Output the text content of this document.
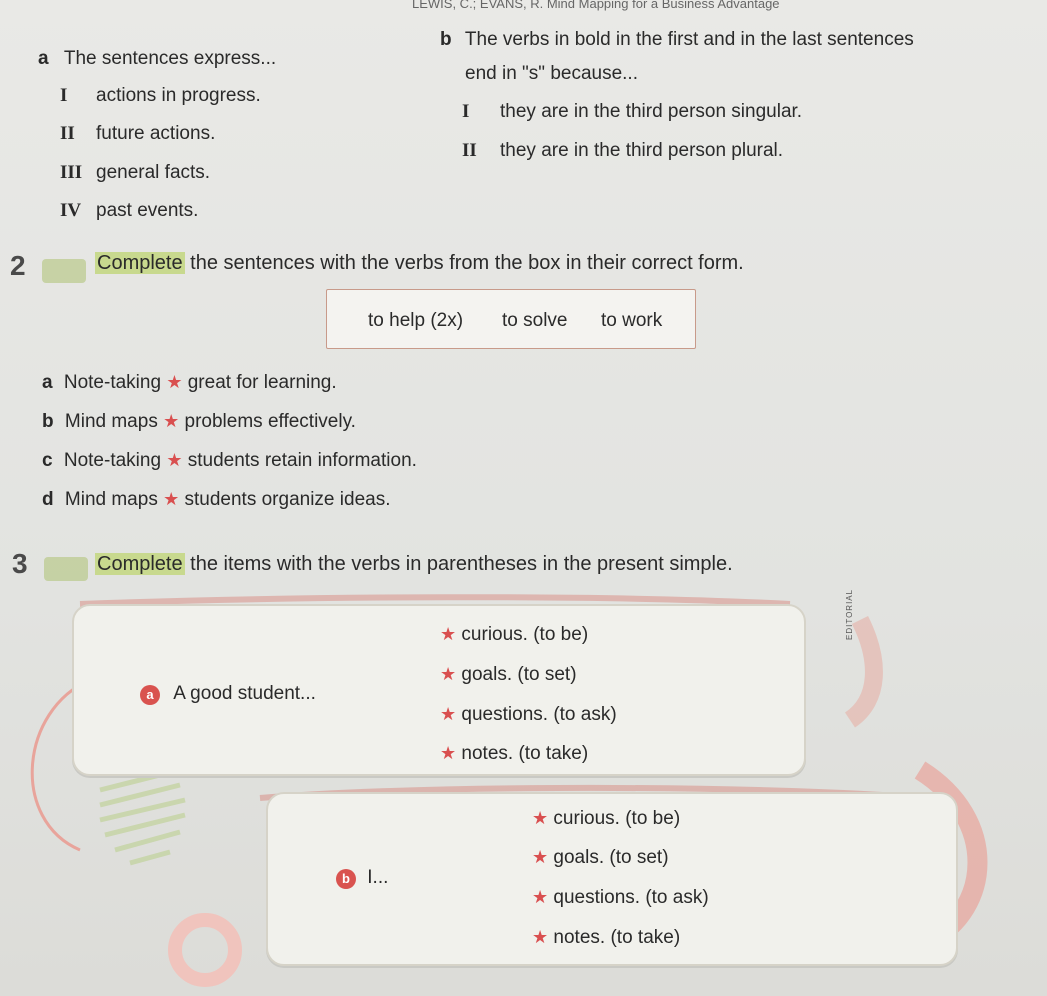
LEWIS, C.; EVANS, R. Mind Mapping for a Business Advantage
a The sentences express...
I actions in progress.
II future actions.
III general facts.
IV past events.
b The verbs in bold in the first and in the last sentences
end in "s" because...
I they are in the third person singular.
II they are in the third person plural.
2	Complete the sentences with the verbs from the box in their correct form.
to help (2x) to solve to work
a Note-taking ★ great for learning.
b Mind maps ★ problems effectively.
c Note-taking ★ students retain information.
d Mind maps ★ students organize ideas.
3	Complete the items with the verbs in parentheses in the present simple.
a A good student...
★ curious. (to be)
★ goals. (to set)
★ questions. (to ask)
★ notes. (to take)
EDITORIAL
b I...
★ curious. (to be)
★ goals. (to set)
★ questions. (to ask)
★ notes. (to take)
